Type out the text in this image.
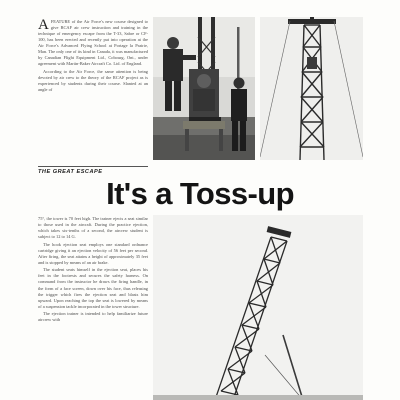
AFEATURE of the Air Force's new course designed to give RCAF air crew instruction and training in the technique of emergency escape from the T-33, Sabre or CF-100, has been erected and recently put into operation at the Air Force's Advanced Flying School at Portage la Prairie, Man. The only one of its kind in Canada, it was manufactured by Canadian Flight Equipment Ltd., Cobourg, Ont., under agreement with Martin-Baker Aircraft Co. Ltd. of England.

According to the Air Force, the same attention is being devoted by air crew to the theory of the RCAF project as is experienced by students during their course. Slanted at an angle of

THE GREAT ESCAPE
It's a Toss-up

75°, the tower is 70 feet high. The trainer ejects a seat similar to those used in the aircraft. During the practice ejection, which takes six-tenths of a second, the aircrew student is subject to 12 to 14 G.

The hook ejection seat employs one standard ordnance cartridge giving it an ejection velocity of 56 feet per second. After firing, the seat attains a height of approximately 35 feet and is stopped by means of an air brake.

The student seats himself in the ejection seat, places his feet in the footrests and secures the safety harness. On command from the instructor he draws the firing handle, in the form of a face screen, down over his face, thus releasing the trigger which fires the ejection seat and blasts him upward. Upon reaching the top the seat is lowered by means of a suspension tackle incorporated in the tower structure.

The ejection trainer is intended to help familiarize future aircrew with
